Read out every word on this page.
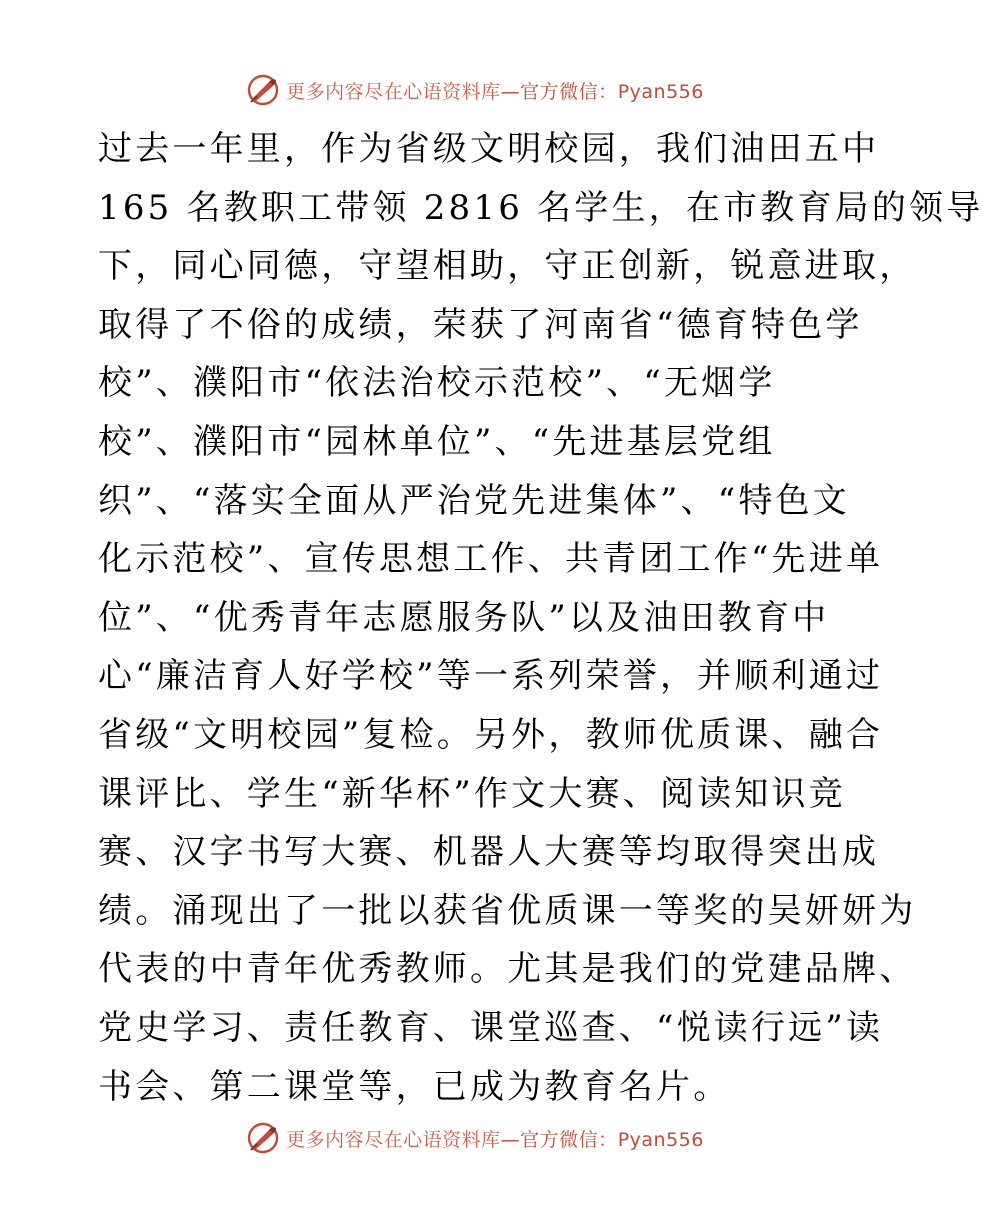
更多内容尽在心语资料库—官方微信：Pyan556
过去一年里，作为省级文明校园，我们油田五中
165 名教职工带领 2816 名学生，在市教育局的领导
下，同心同德，守望相助，守正创新，锐意进取，
取得了不俗的成绩，荣获了河南省“德育特色学
校”、濮阳市“依法治校示范校”、“无烟学
校”、濮阳市“园林单位”、“先进基层党组
织”、“落实全面从严治党先进集体”、“特色文
化示范校”、宣传思想工作、共青团工作“先进单
位”、“优秀青年志愿服务队”以及油田教育中
心“廉洁育人好学校”等一系列荣誉，并顺利通过
省级“文明校园”复检。另外，教师优质课、融合
课评比、学生“新华杯”作文大赛、阅读知识竞
赛、汉字书写大赛、机器人大赛等均取得突出成
绩。涌现出了一批以获省优质课一等奖的吴妍妍为
代表的中青年优秀教师。尤其是我们的党建品牌、
党史学习、责任教育、课堂巡查、“悦读行远”读
书会、第二课堂等，已成为教育名片。
更多内容尽在心语资料库—官方微信：Pyan556
